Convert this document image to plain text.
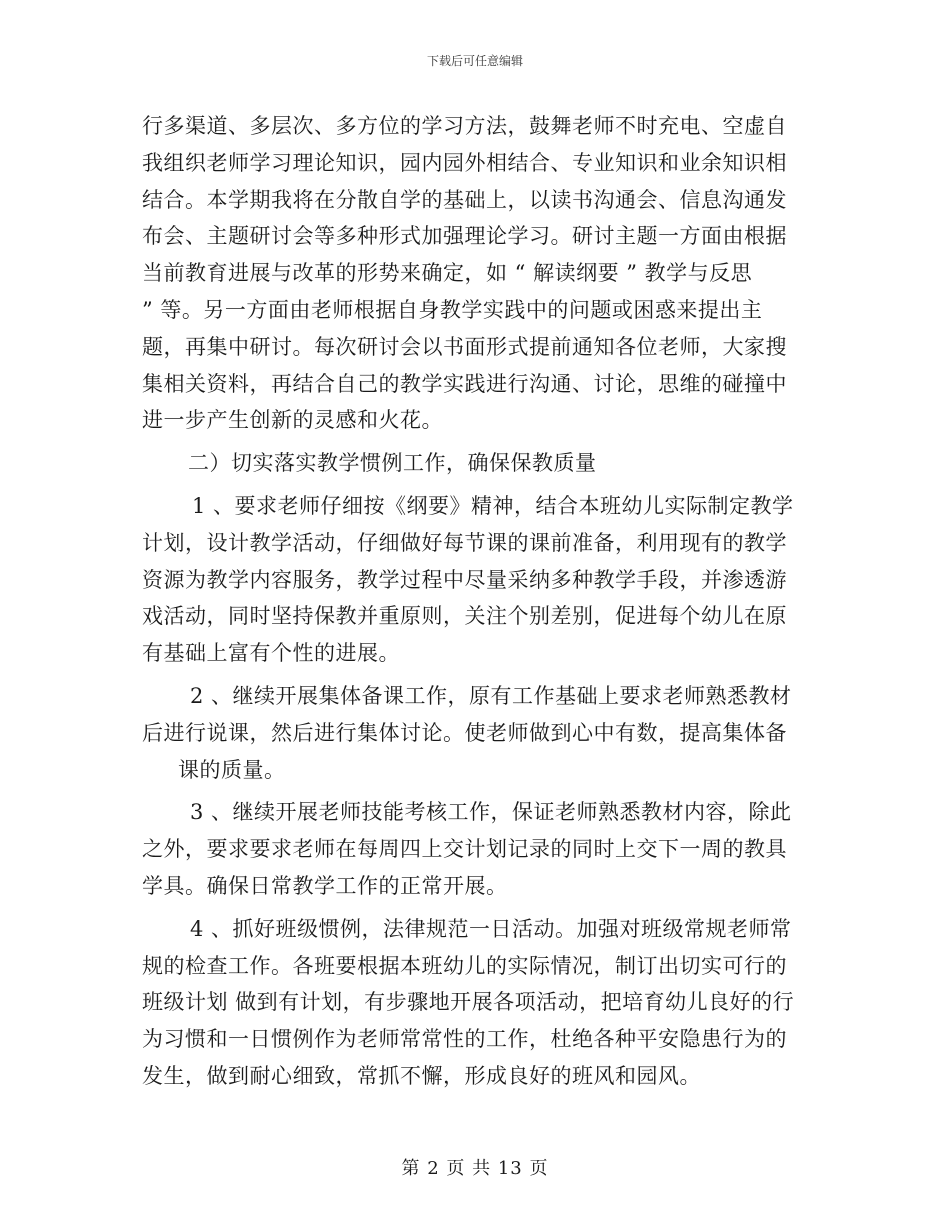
下载后可任意编辑
行多渠道、多层次、多方位的学习方法，鼓舞老师不时充电、空虚自
我组织老师学习理论知识，园内园外相结合、专业知识和业余知识相
结合。本学期我将在分散自学的基础上，以读书沟通会、信息沟通发
布会、主题研讨会等多种形式加强理论学习。研讨主题一方面由根据
当前教育进展与改革的形势来确定，如 “ 解读纲要 ” 教学与反思
” 等。另一方面由老师根据自身教学实践中的问题或困惑来提出主
题，再集中研讨。每次研讨会以书面形式提前通知各位老师，大家搜
集相关资料，再结合自己的教学实践进行沟通、讨论，思维的碰撞中
进一步产生创新的灵感和火花。
二）切实落实教学惯例工作，确保保教质量
1 、要求老师仔细按《纲要》精神，结合本班幼儿实际制定教学
计划，设计教学活动，仔细做好每节课的课前准备，利用现有的教学
资源为教学内容服务，教学过程中尽量采纳多种教学手段，并渗透游
戏活动，同时坚持保教并重原则，关注个别差别，促进每个幼儿在原
有基础上富有个性的进展。
2 、继续开展集体备课工作，原有工作基础上要求老师熟悉教材
后进行说课，然后进行集体讨论。使老师做到心中有数，提高集体备
课的质量。
3 、继续开展老师技能考核工作，保证老师熟悉教材内容，除此
之外，要求要求老师在每周四上交计划记录的同时上交下一周的教具
学具。确保日常教学工作的正常开展。
4 、抓好班级惯例，法律规范一日活动。加强对班级常规老师常
规的检查工作。各班要根据本班幼儿的实际情况，制订出切实可行的
班级计划 做到有计划，有步骤地开展各项活动，把培育幼儿良好的行
为习惯和一日惯例作为老师常常性的工作，杜绝各种平安隐患行为的
发生，做到耐心细致，常抓不懈，形成良好的班风和园风。
第 2 页 共 13 页
